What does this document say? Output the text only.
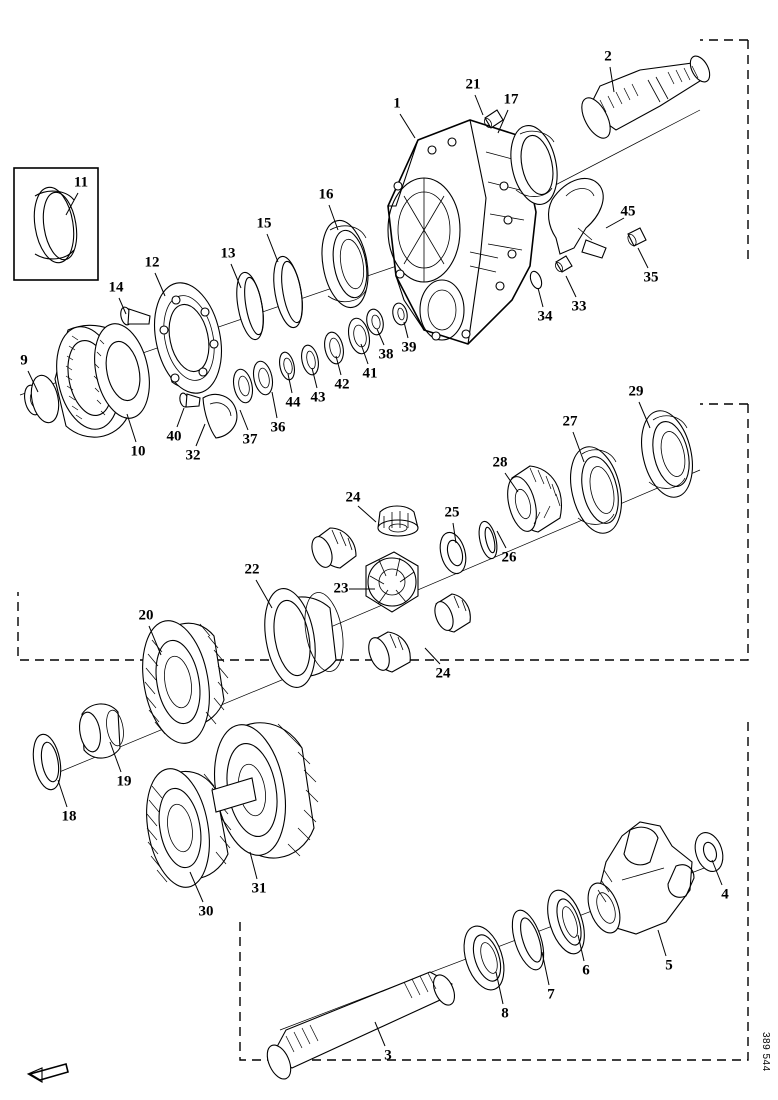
1
2
3
4
5
6
7
8
9
10
11
12
13
14
15
16
17
18
19
20
21
22
23
24
24
25
26
27
28
29
30
31
32
33
34
35
36
37
38 39
40
41
42
43
44
45
389 544
